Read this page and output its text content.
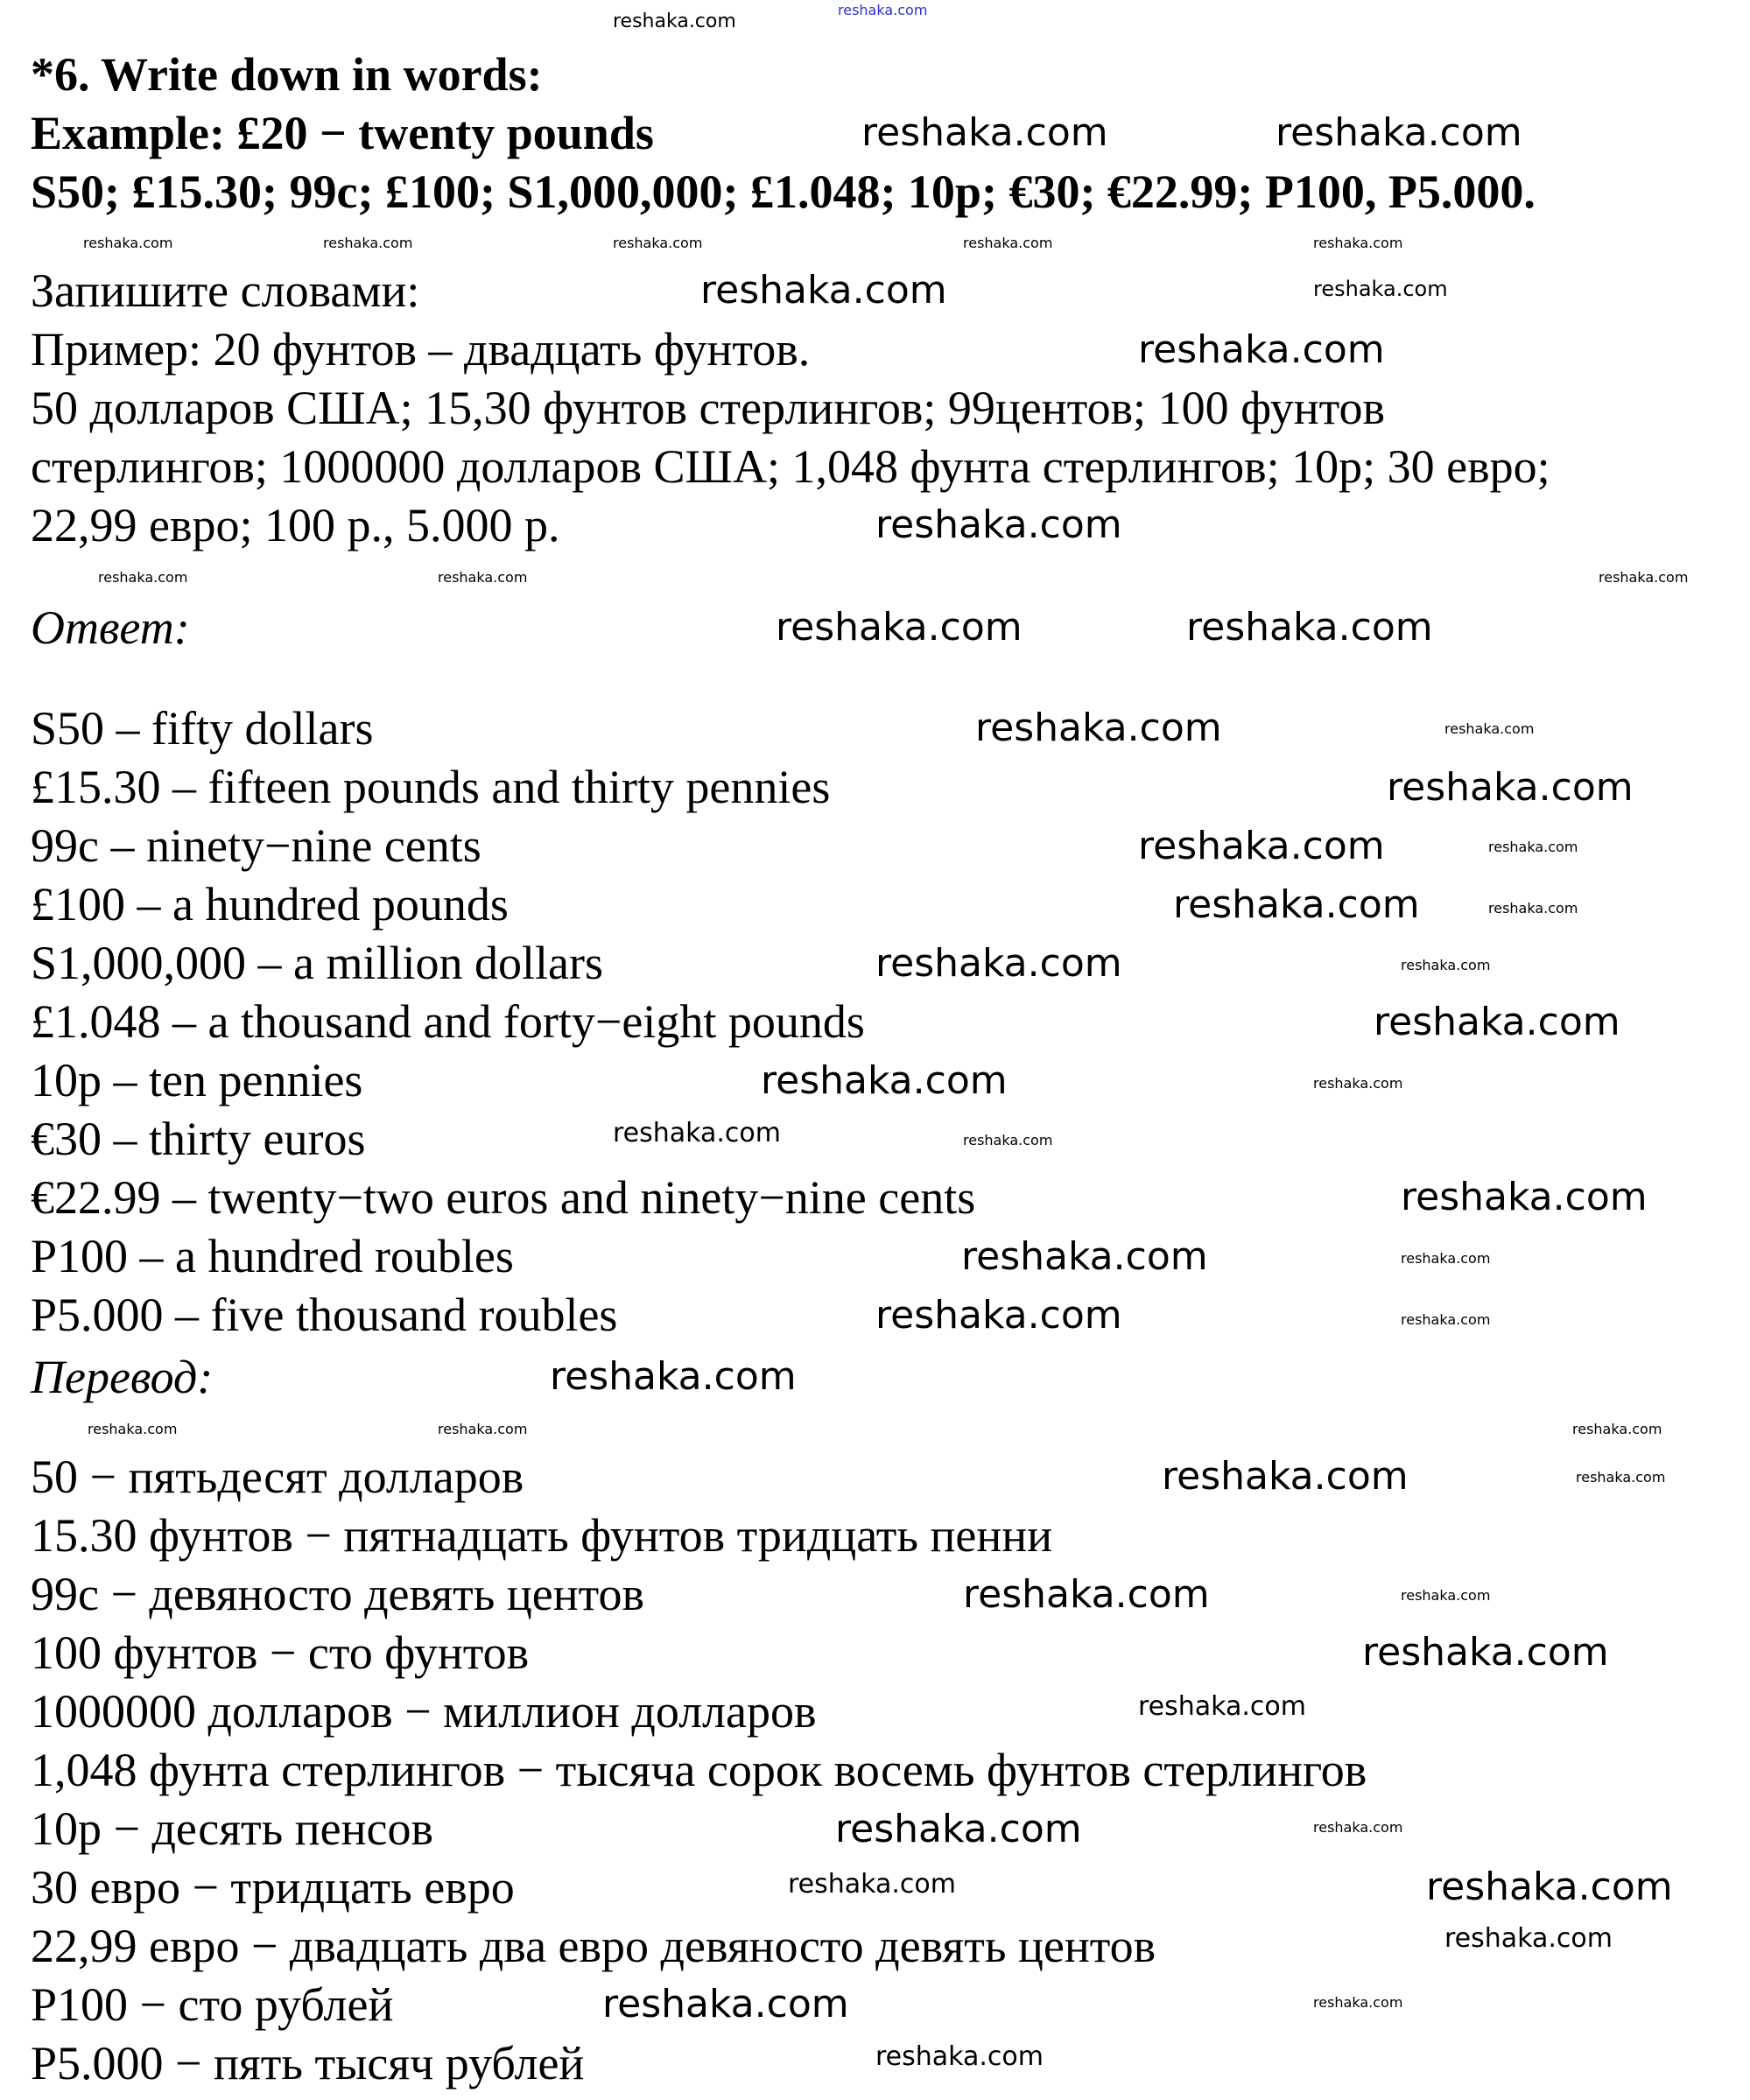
*6. Write down in words:
Example: £20 − twenty pounds
S50; £15.30; 99c; £100; S1,000,000; £1.048; 10p; €30; €22.99; P100, P5.000.
Запишите словами:
Пример: 20 фунтов – двадцать фунтов.
50 долларов США; 15,30 фунтов стерлингов; 99центов; 100 фунтов
стерлингов; 1000000 долларов США; 1,048 фунта стерлингов; 10р; 30 евро;
22,99 евро; 100 р., 5.000 р.
Ответ:
S50 – fifty dollars
£15.30 – fifteen pounds and thirty pennies
99c – ninety−nine cents
£100 – a hundred pounds
S1,000,000 – a million dollars
£1.048 – a thousand and forty−eight pounds
10p – ten pennies
€30 – thirty euros
€22.99 – twenty−two euros and ninety−nine cents
P100 – a hundred roubles
P5.000 – five thousand roubles
Перевод:
50 − пятьдесят долларов
15.30 фунтов − пятнадцать фунтов тридцать пенни
99c − девяносто девять центов
100 фунтов − сто фунтов
1000000 долларов − миллион долларов
1,048 фунта стерлингов − тысяча сорок восемь фунтов стерлингов
10р − десять пенсов
30 евро − тридцать евро
22,99 евро − двадцать два евро девяносто девять центов
Р100 − сто рублей
Р5.000 − пять тысяч рублей
reshaka.com
reshaka.com
reshaka.com	reshaka.com
reshaka.com	reshaka.com	reshaka.com	reshaka.com	reshaka.com
reshaka.com	reshaka.com
reshaka.com
reshaka.com
reshaka.com	reshaka.com	reshaka.com
reshaka.com	reshaka.com
reshaka.com	reshaka.com
reshaka.com
reshaka.com	reshaka.com
reshaka.com	reshaka.com
reshaka.com	reshaka.com
reshaka.com
reshaka.com	reshaka.com
reshaka.com	reshaka.com
reshaka.com
reshaka.com	reshaka.com
reshaka.com	reshaka.com
reshaka.com
reshaka.com	reshaka.com	reshaka.com
reshaka.com	reshaka.com
reshaka.com	reshaka.com
reshaka.com
reshaka.com
reshaka.com	reshaka.com
reshaka.com	reshaka.com
reshaka.com
reshaka.com	reshaka.com
reshaka.com
